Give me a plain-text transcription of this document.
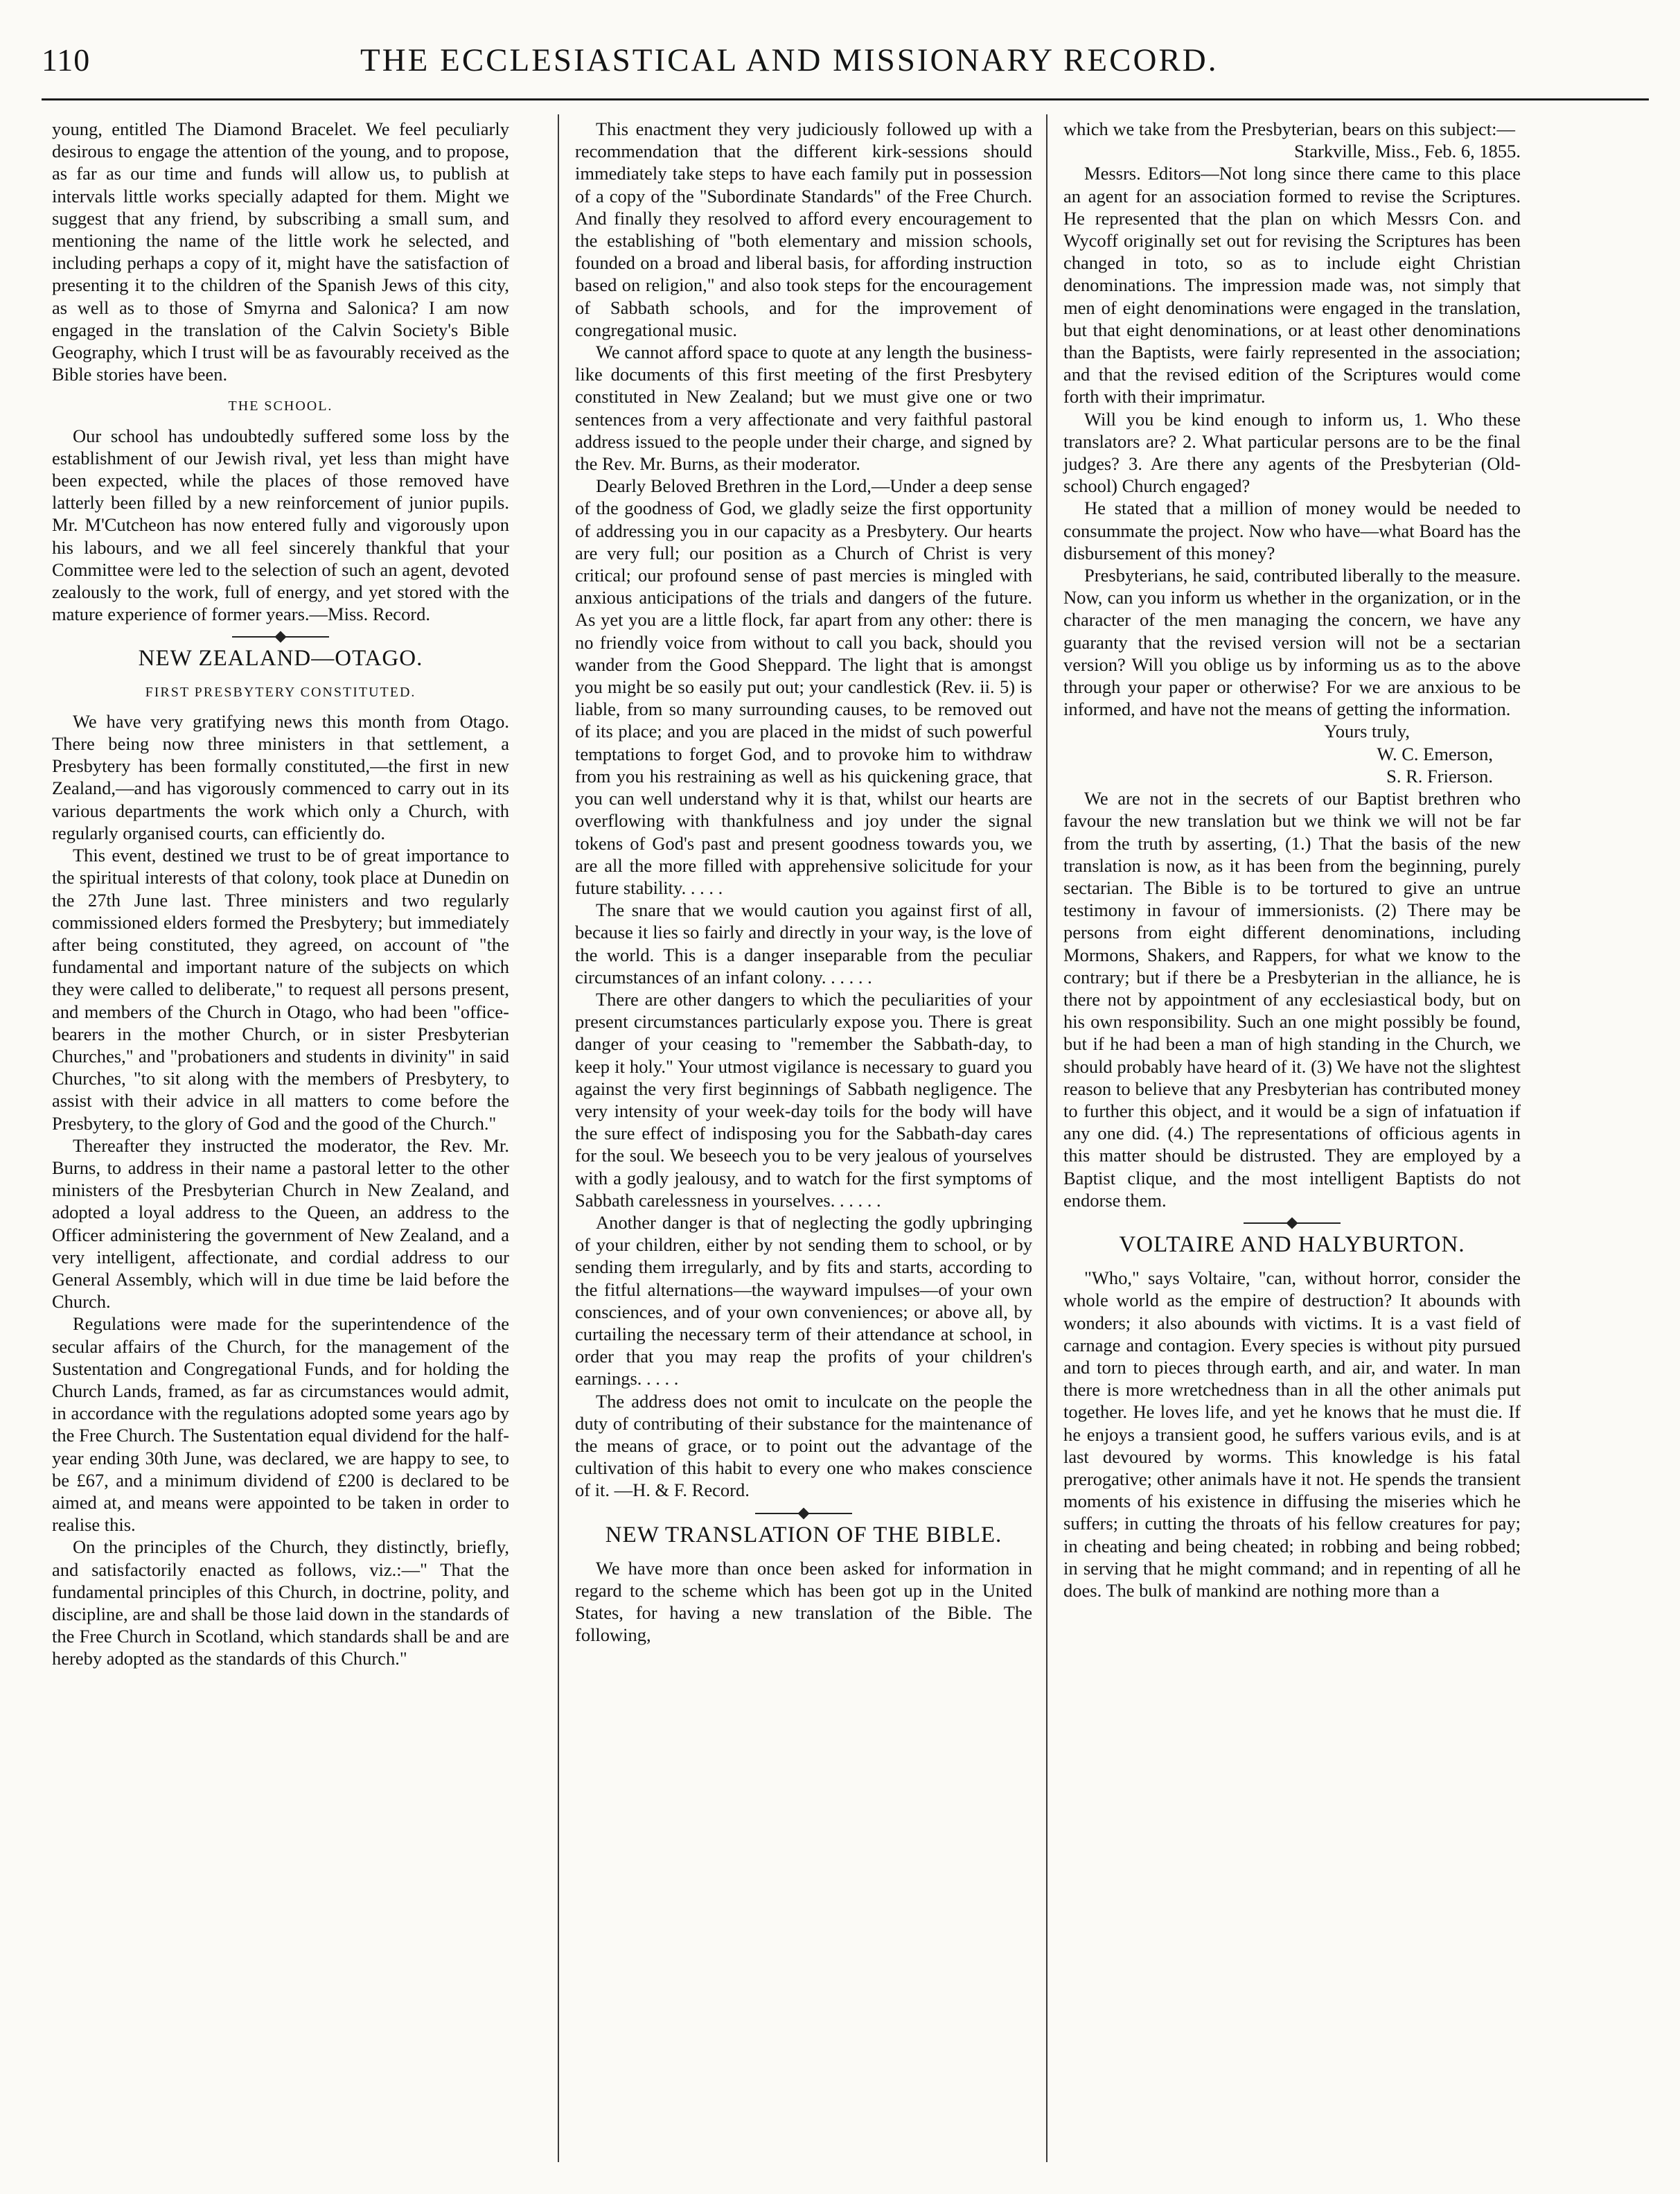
110	THE ECCLESIASTICAL AND MISSIONARY RECORD.

young, entitled The Diamond Bracelet. We feel peculiarly desirous to engage the attention of the young, and to propose, as far as our time and funds will allow us, to publish at intervals little works specially adapted for them. Might we suggest that any friend, by subscribing a small sum, and mentioning the name of the little work he selected, and including perhaps a copy of it, might have the satisfaction of presenting it to the children of the Spanish Jews of this city, as well as to those of Smyrna and Salonica? I am now engaged in the translation of the Calvin Society's Bible Geography, which I trust will be as favourably received as the Bible stories have been.

THE SCHOOL.

Our school has undoubtedly suffered some loss by the establishment of our Jewish rival, yet less than might have been expected, while the places of those removed have latterly been filled by a new reinforcement of junior pupils. Mr. M'Cutcheon has now entered fully and vigorously upon his labours, and we all feel sincerely thankful that your Committee were led to the selection of such an agent, devoted zealously to the work, full of energy, and yet stored with the mature experience of former years.—Miss. Record.

NEW ZEALAND—OTAGO.

FIRST PRESBYTERY CONSTITUTED.

We have very gratifying news this month from Otago. There being now three ministers in that settlement, a Presbytery has been formally constituted,—the first in new Zealand,—and has vigorously commenced to carry out in its various departments the work which only a Church, with regularly organised courts, can efficiently do.

This event, destined we trust to be of great importance to the spiritual interests of that colony, took place at Dunedin on the 27th June last. Three ministers and two regularly commissioned elders formed the Presbytery; but immediately after being constituted, they agreed, on account of "the fundamental and important nature of the subjects on which they were called to deliberate," to request all persons present, and members of the Church in Otago, who had been "office-bearers in the mother Church, or in sister Presbyterian Churches," and "probationers and students in divinity" in said Churches, "to sit along with the members of Presbytery, to assist with their advice in all matters to come before the Presbytery, to the glory of God and the good of the Church."

Thereafter they instructed the moderator, the Rev. Mr. Burns, to address in their name a pastoral letter to the other ministers of the Presbyterian Church in New Zealand, and adopted a loyal address to the Queen, an address to the Officer administering the government of New Zealand, and a very intelligent, affectionate, and cordial address to our General Assembly, which will in due time be laid before the Church.

Regulations were made for the superintendence of the secular affairs of the Church, for the management of the Sustentation and Congregational Funds, and for holding the Church Lands, framed, as far as circumstances would admit, in accordance with the regulations adopted some years ago by the Free Church. The Sustentation equal dividend for the half-year ending 30th June, was declared, we are happy to see, to be £67, and a minimum dividend of £200 is declared to be aimed at, and means were appointed to be taken in order to realise this.

On the principles of the Church, they distinctly, briefly, and satisfactorily enacted as follows, viz.:—" That the fundamental principles of this Church, in doctrine, polity, and discipline, are and shall be those laid down in the standards of the Free Church in Scotland, which standards shall be and are hereby adopted as the standards of this Church."

This enactment they very judiciously followed up with a recommendation that the different kirk-sessions should immediately take steps to have each family put in possession of a copy of the "Subordinate Standards" of the Free Church. And finally they resolved to afford every encouragement to the establishing of "both elementary and mission schools, founded on a broad and liberal basis, for affording instruction based on religion," and also took steps for the encouragement of Sabbath schools, and for the improvement of congregational music.

We cannot afford space to quote at any length the business-like documents of this first meeting of the first Presbytery constituted in New Zealand; but we must give one or two sentences from a very affectionate and very faithful pastoral address issued to the people under their charge, and signed by the Rev. Mr. Burns, as their moderator.

Dearly Beloved Brethren in the Lord,—Under a deep sense of the goodness of God, we gladly seize the first opportunity of addressing you in our capacity as a Presbytery. Our hearts are very full; our position as a Church of Christ is very critical; our profound sense of past mercies is mingled with anxious anticipations of the trials and dangers of the future. As yet you are a little flock, far apart from any other: there is no friendly voice from without to call you back, should you wander from the Good Sheppard. The light that is amongst you might be so easily put out; your candlestick (Rev. ii. 5) is liable, from so many surrounding causes, to be removed out of its place; and you are placed in the midst of such powerful temptations to forget God, and to provoke him to withdraw from you his restraining as well as his quickening grace, that you can well understand why it is that, whilst our hearts are overflowing with thankfulness and joy under the signal tokens of God's past and present goodness towards you, we are all the more filled with apprehensive solicitude for your future stability. . . . .

The snare that we would caution you against first of all, because it lies so fairly and directly in your way, is the love of the world. This is a danger inseparable from the peculiar circumstances of an infant colony. . . . . .

There are other dangers to which the peculiarities of your present circumstances particularly expose you. There is great danger of your ceasing to "remember the Sabbath-day, to keep it holy." Your utmost vigilance is necessary to guard you against the very first beginnings of Sabbath negligence. The very intensity of your week-day toils for the body will have the sure effect of indisposing you for the Sabbath-day cares for the soul. We beseech you to be very jealous of yourselves with a godly jealousy, and to watch for the first symptoms of Sabbath carelessness in yourselves. . . . . .

Another danger is that of neglecting the godly upbringing of your children, either by not sending them to school, or by sending them irregularly, and by fits and starts, according to the fitful alternations—the wayward impulses—of your own consciences, and of your own conveniences; or above all, by curtailing the necessary term of their attendance at school, in order that you may reap the profits of your children's earnings. . . . .

The address does not omit to inculcate on the people the duty of contributing of their substance for the maintenance of the means of grace, or to point out the advantage of the cultivation of this habit to every one who makes conscience of it. —H. & F. Record.

NEW TRANSLATION OF THE BIBLE.

We have more than once been asked for information in regard to the scheme which has been got up in the United States, for having a new translation of the Bible. The following,

which we take from the Presbyterian, bears on this subject:—

Starkville, Miss., Feb. 6, 1855.

Messrs. Editors—Not long since there came to this place an agent for an association formed to revise the Scriptures. He represented that the plan on which Messrs Con. and Wycoff originally set out for revising the Scriptures has been changed in toto, so as to include eight Christian denominations. The impression made was, not simply that men of eight denominations were engaged in the translation, but that eight denominations, or at least other denominations than the Baptists, were fairly represented in the association; and that the revised edition of the Scriptures would come forth with their imprimatur.

Will you be kind enough to inform us, 1. Who these translators are? 2. What particular persons are to be the final judges? 3. Are there any agents of the Presbyterian (Old-school) Church engaged?

He stated that a million of money would be needed to consummate the project. Now who have—what Board has the disbursement of this money?

Presbyterians, he said, contributed liberally to the measure. Now, can you inform us whether in the organization, or in the character of the men managing the concern, we have any guaranty that the revised version will not be a sectarian version? Will you oblige us by informing us as to the above through your paper or otherwise? For we are anxious to be informed, and have not the means of getting the information.

Yours truly,

W. C. Emerson,

S. R. Frierson.

We are not in the secrets of our Baptist brethren who favour the new translation but we think we will not be far from the truth by asserting, (1.) That the basis of the new translation is now, as it has been from the beginning, purely sectarian. The Bible is to be tortured to give an untrue testimony in favour of immersionists. (2) There may be persons from eight different denominations, including Mormons, Shakers, and Rappers, for what we know to the contrary; but if there be a Presbyterian in the alliance, he is there not by appointment of any ecclesiastical body, but on his own responsibility. Such an one might possibly be found, but if he had been a man of high standing in the Church, we should probably have heard of it. (3) We have not the slightest reason to believe that any Presbyterian has contributed money to further this object, and it would be a sign of infatuation if any one did. (4.) The representations of officious agents in this matter should be distrusted. They are employed by a Baptist clique, and the most intelligent Baptists do not endorse them.

VOLTAIRE AND HALYBURTON.

"Who," says Voltaire, "can, without horror, consider the whole world as the empire of destruction? It abounds with wonders; it also abounds with victims. It is a vast field of carnage and contagion. Every species is without pity pursued and torn to pieces through earth, and air, and water. In man there is more wretchedness than in all the other animals put together. He loves life, and yet he knows that he must die. If he enjoys a transient good, he suffers various evils, and is at last devoured by worms. This knowledge is his fatal prerogative; other animals have it not. He spends the transient moments of his existence in diffusing the miseries which he suffers; in cutting the throats of his fellow creatures for pay; in cheating and being cheated; in robbing and being robbed; in serving that he might command; and in repenting of all he does. The bulk of mankind are nothing more than a
